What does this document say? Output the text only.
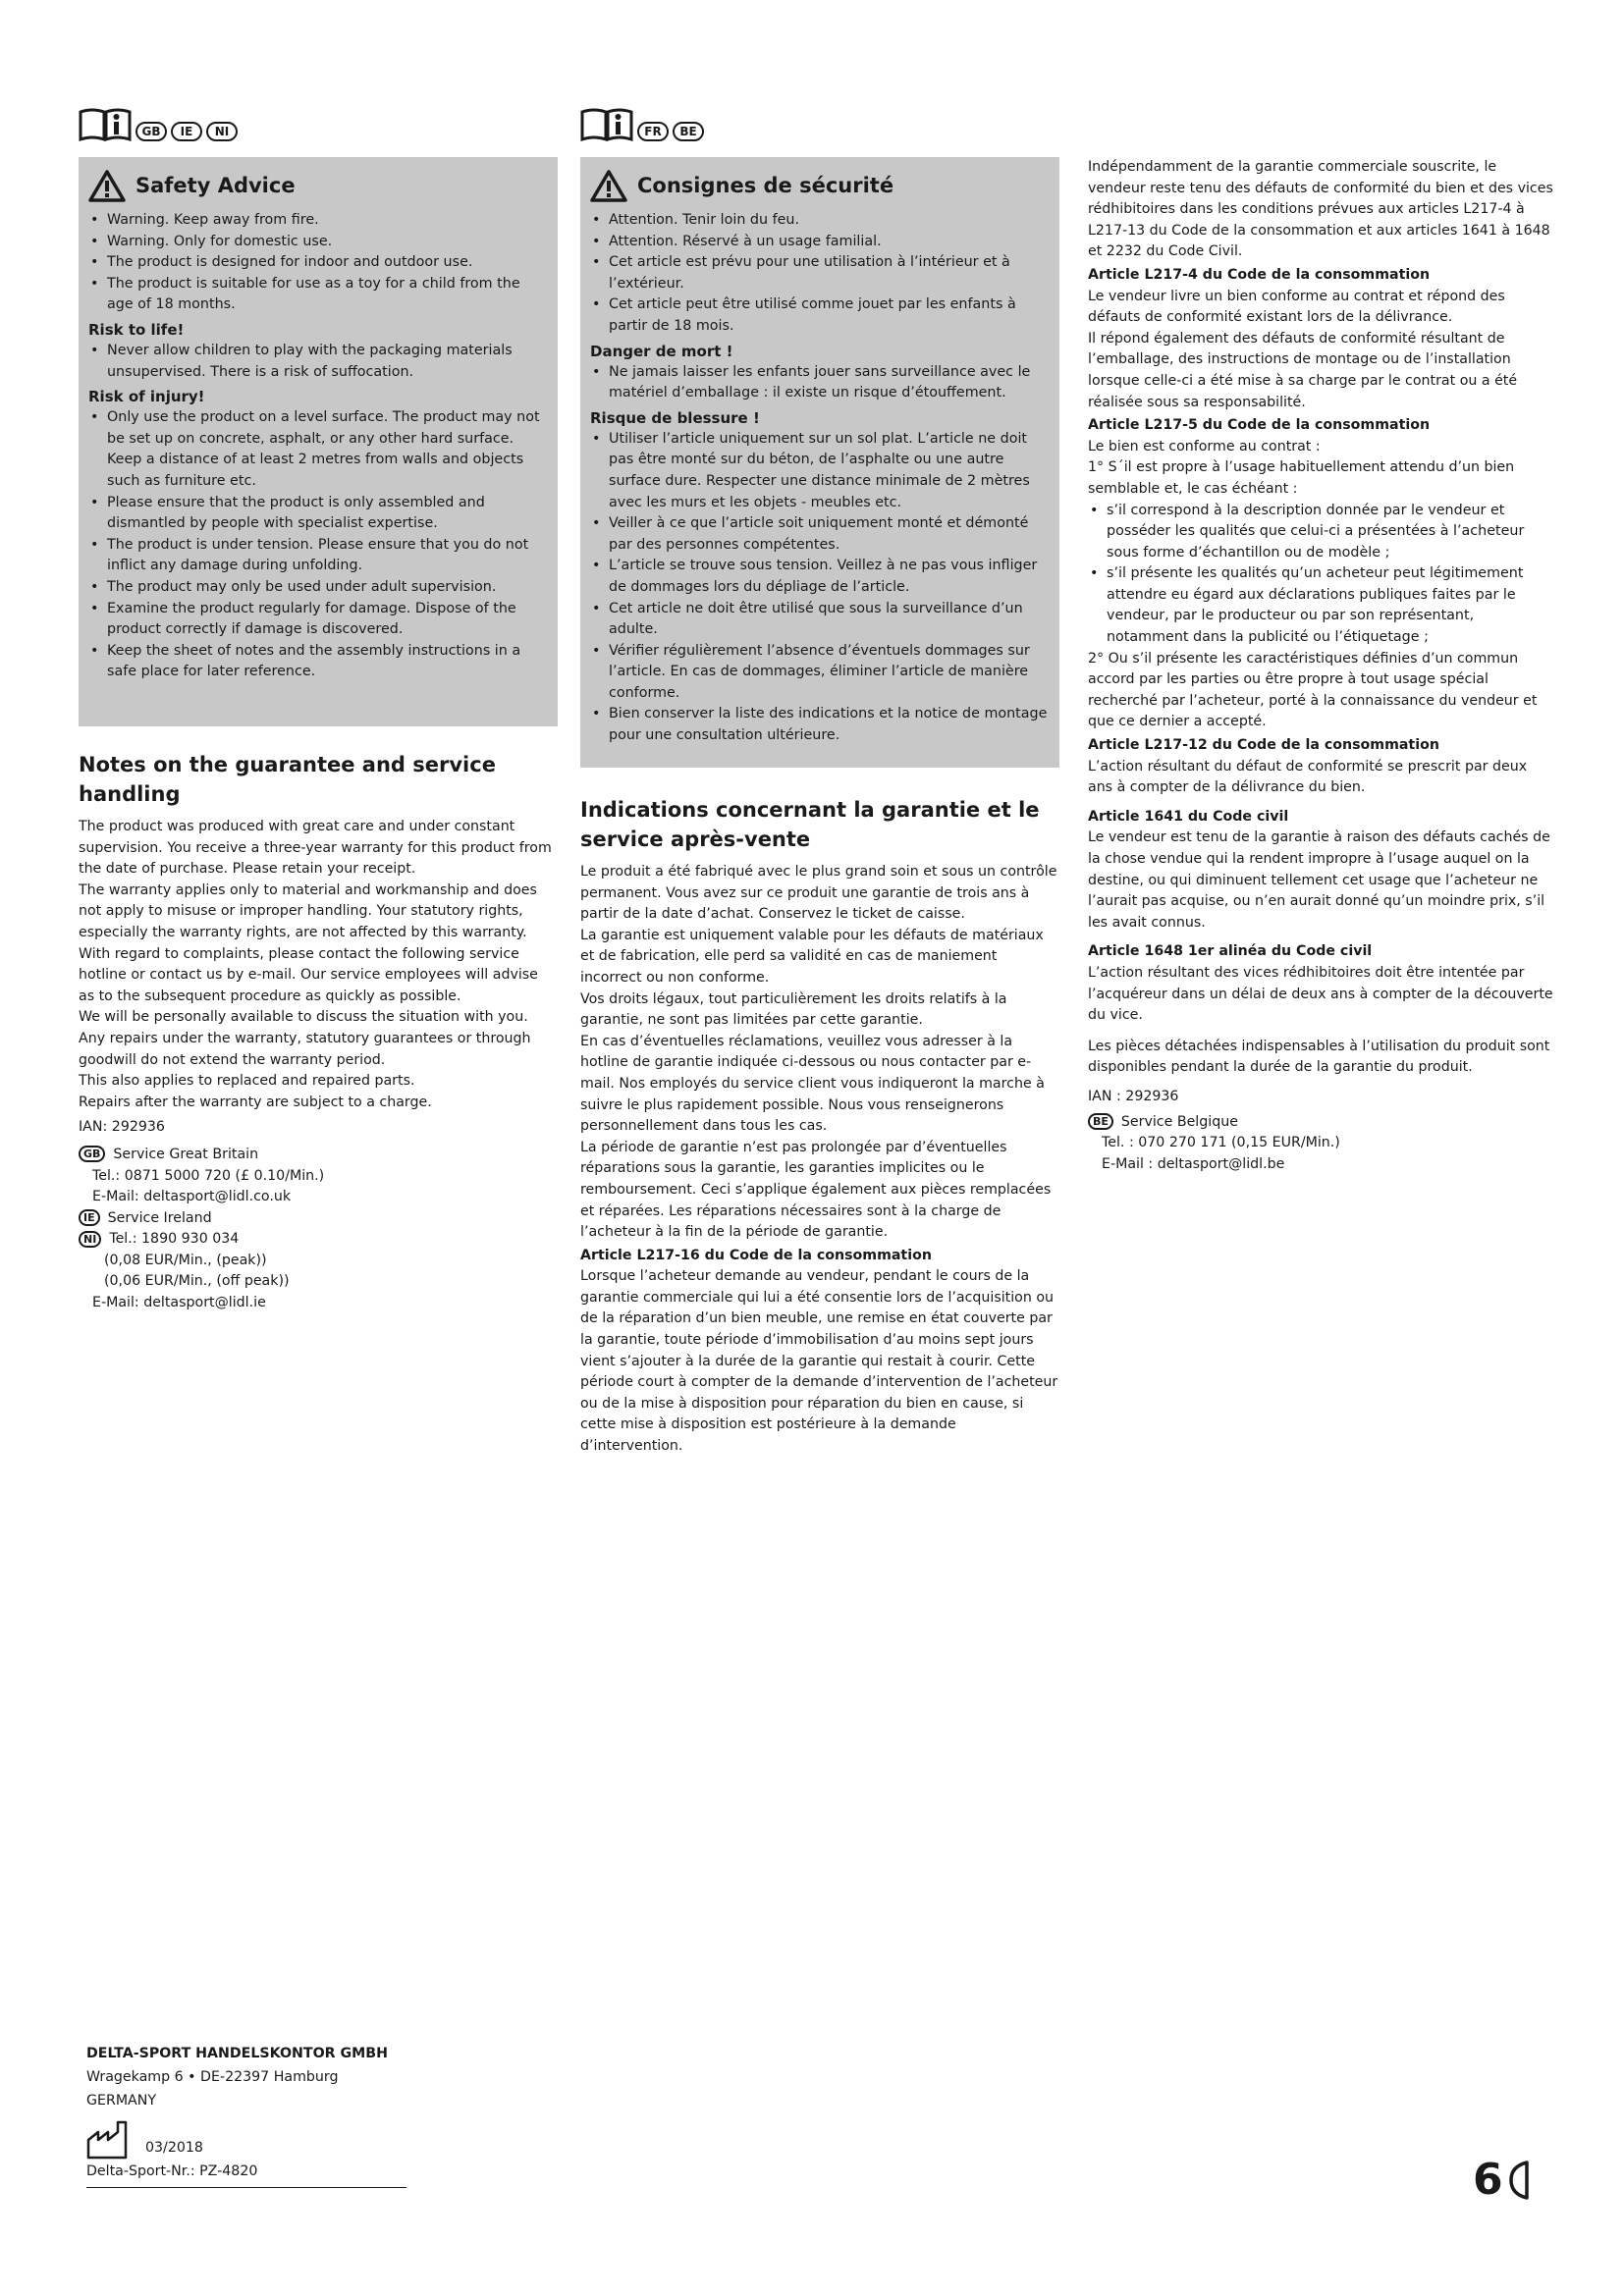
GB	IE	NI
Safety Advice
• Warning. Keep away from fire.
• Warning. Only for domestic use.
• The product is designed for indoor and outdoor use.
• The product is suitable for use as a toy for a child from the age of 18 months.
Risk to life!
• Never allow children to play with the packaging materials unsupervised. There is a risk of suffocation.
Risk of injury!
• Only use the product on a level surface. The product may not be set up on concrete, asphalt, or any other hard surface. Keep a distance of at least 2 metres from walls and objects such as furniture etc.
• Please ensure that the product is only assembled and dismantled by people with specialist expertise.
• The product is under tension. Please ensure that you do not inflict any damage during unfolding.
• The product may only be used under adult supervision.
• Examine the product regularly for damage. Dispose of the product correctly if damage is discovered.
• Keep the sheet of notes and the assembly instructions in a safe place for later reference.
Notes on the guarantee and service handling

The product was produced with great care and under constant supervision. You receive a three-year warranty for this product from the date of purchase. Please retain your receipt.

The warranty applies only to material and workmanship and does not apply to misuse or improper handling. Your statutory rights, especially the warranty rights, are not affected by this warranty.

With regard to complaints, please contact the following service hotline or contact us by e-mail. Our service employees will advise as to the subsequent procedure as quickly as possible.

We will be personally available to discuss the situation with you.

Any repairs under the warranty, statutory guarantees or through goodwill do not extend the warranty period.

This also applies to replaced and repaired parts.

Repairs after the warranty are subject to a charge.

IAN: 292936

GB Service Great Britain
Tel.: 0871 5000 720 (£ 0.10/Min.)
E-Mail: deltasport@lidl.co.uk
IE Service Ireland
NI Tel.: 1890 930 034
(0,08 EUR/Min., (peak))
(0,06 EUR/Min., (off peak))
E-Mail: deltasport@lidl.ie
FR	BE
Consignes de sécurité
• Attention. Tenir loin du feu.
• Attention. Réservé à un usage familial.
• Cet article est prévu pour une utilisation à l’intérieur et à l’extérieur.
• Cet article peut être utilisé comme jouet par les enfants à partir de 18 mois.
Danger de mort !
• Ne jamais laisser les enfants jouer sans surveillance avec le matériel d’emballage : il existe un risque d’étouffement.
Risque de blessure !
• Utiliser l’article uniquement sur un sol plat. L’article ne doit pas être monté sur du béton, de l’asphalte ou une autre surface dure. Respecter une distance minimale de 2 mètres avec les murs et les objets - meubles etc.
• Veiller à ce que l’article soit uniquement monté et démonté par des personnes compétentes.
• L’article se trouve sous tension. Veillez à ne pas vous infliger de dommages lors du dépliage de l’article.
• Cet article ne doit être utilisé que sous la surveillance d’un adulte.
• Vérifier régulièrement l’absence d’éventuels dommages sur l’article. En cas de dommages, éliminer l’article de manière conforme.
• Bien conserver la liste des indications et la notice de montage pour une consultation ultérieure.
Indications concernant la garantie et le service après-vente

Le produit a été fabriqué avec le plus grand soin et sous un contrôle permanent. Vous avez sur ce produit une garantie de trois ans à partir de la date d’achat. Conservez le ticket de caisse.

La garantie est uniquement valable pour les défauts de matériaux et de fabrication, elle perd sa validité en cas de maniement incorrect ou non conforme.

Vos droits légaux, tout particulièrement les droits relatifs à la garantie, ne sont pas limitées par cette garantie.

En cas d’éventuelles réclamations, veuillez vous adresser à la hotline de garantie indiquée ci-dessous ou nous contacter par e-mail. Nos employés du service client vous indiqueront la marche à suivre le plus rapidement possible. Nous vous renseignerons personnellement dans tous les cas.

La période de garantie n’est pas prolongée par d’éventuelles réparations sous la garantie, les garanties implicites ou le remboursement. Ceci s’applique également aux pièces remplacées et réparées. Les réparations nécessaires sont à la charge de l’acheteur à la fin de la période de garantie.

Article L217-16 du Code de la consommation

Lorsque l’acheteur demande au vendeur, pendant le cours de la garantie commerciale qui lui a été consentie lors de l’acquisition ou de la réparation d’un bien meuble, une remise en état couverte par la garantie, toute période d’immobilisation d’au moins sept jours vient s’ajouter à la durée de la garantie qui restait à courir. Cette période court à compter de la demande d’intervention de l’acheteur ou de la mise à disposition pour réparation du bien en cause, si cette mise à disposition est postérieure à la demande d’intervention.

Indépendamment de la garantie commerciale souscrite, le vendeur reste tenu des défauts de conformité du bien et des vices rédhibitoires dans les conditions prévues aux articles L217-4 à L217-13 du Code de la consommation et aux articles 1641 à 1648 et 2232 du Code Civil.

Article L217-4 du Code de la consommation

Le vendeur livre un bien conforme au contrat et répond des défauts de conformité existant lors de la délivrance.

Il répond également des défauts de conformité résultant de l’emballage, des instructions de montage ou de l’installation lorsque celle-ci a été mise à sa charge par le contrat ou a été réalisée sous sa responsabilité.

Article L217-5 du Code de la consommation

Le bien est conforme au contrat :

1° S´il est propre à l’usage habituellement attendu d’un bien semblable et, le cas échéant :

• s’il correspond à la description donnée par le vendeur et posséder les qualités que celui-ci a présentées à l’acheteur sous forme d’échantillon ou de modèle ;
• s’il présente les qualités qu’un acheteur peut légitimement attendre eu égard aux déclarations publiques faites par le vendeur, par le producteur ou par son représentant, notamment dans la publicité ou l’étiquetage ;

2° Ou s’il présente les caractéristiques définies d’un commun accord par les parties ou être propre à tout usage spécial recherché par l’acheteur, porté à la connaissance du vendeur et que ce dernier a accepté.

Article L217-12 du Code de la consommation

L’action résultant du défaut de conformité se prescrit par deux ans à compter de la délivrance du bien.

Article 1641 du Code civil

Le vendeur est tenu de la garantie à raison des défauts cachés de la chose vendue qui la rendent impropre à l’usage auquel on la destine, ou qui diminuent tellement cet usage que l’acheteur ne l’aurait pas acquise, ou n’en aurait donné qu’un moindre prix, s’il les avait connus.

Article 1648 1er alinéa du Code civil

L’action résultant des vices rédhibitoires doit être intentée par l’acquéreur dans un délai de deux ans à compter de la découverte du vice.

Les pièces détachées indispensables à l’utilisation du produit sont disponibles pendant la durée de la garantie du produit.

IAN : 292936

BE Service Belgique
Tel. : 070 270 171 (0,15 EUR/Min.)
E-Mail : deltasport@lidl.be
DELTA-SPORT HANDELSKONTOR GMBH
Wragekamp 6 • DE-22397 Hamburg
GERMANY
03/2018
Delta-Sport-Nr.: PZ-4820	6
